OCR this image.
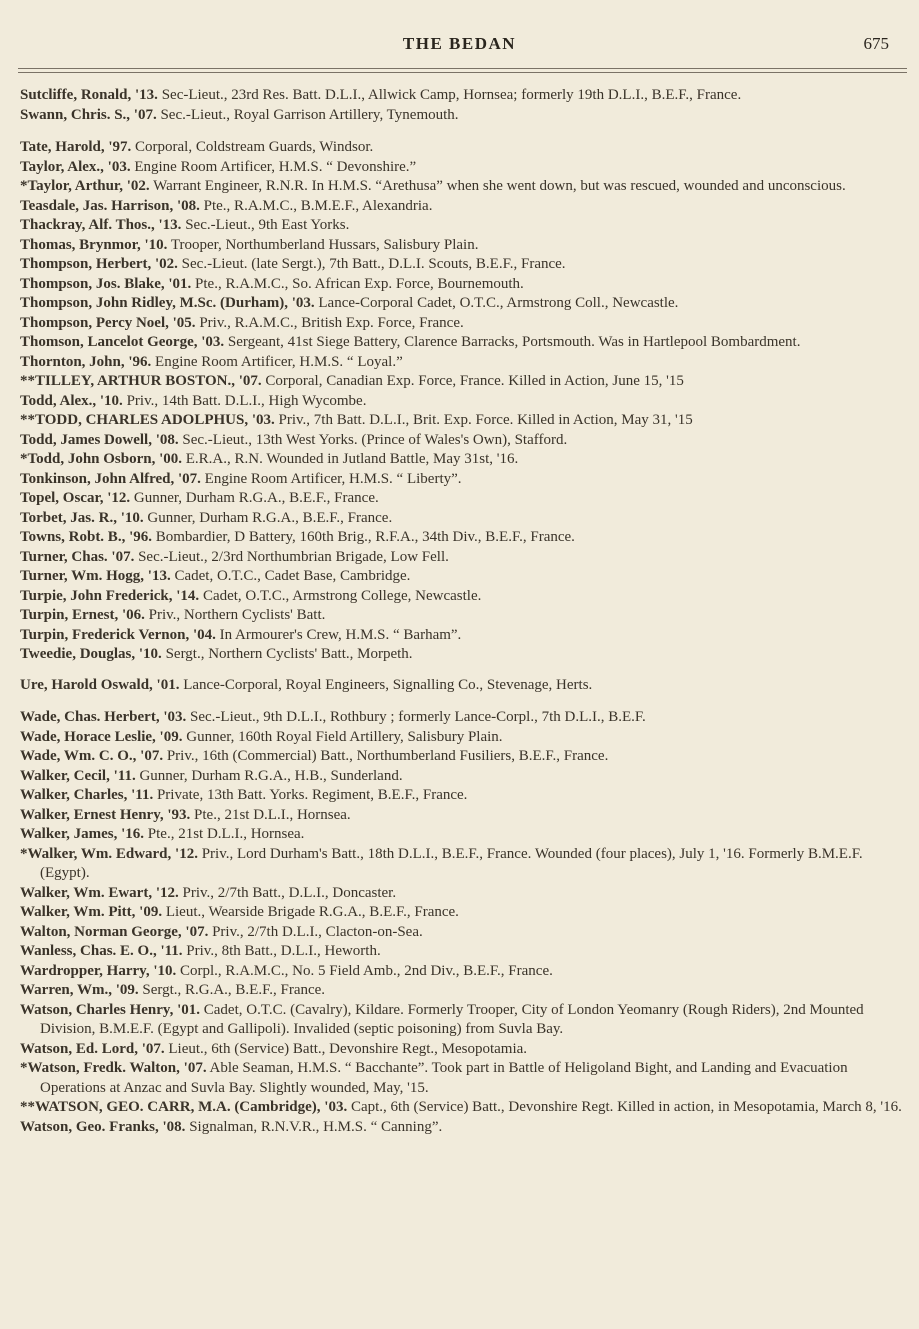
THE BEDAN	675
Sutcliffe, Ronald, '13. Sec-Lieut., 23rd Res. Batt. D.L.I., Allwick Camp, Hornsea; formerly 19th D.L.I., B.E.F., France.
Swann, Chris. S., '07. Sec.-Lieut., Royal Garrison Artillery, Tynemouth.
Tate, Harold, '97. Corporal, Coldstream Guards, Windsor.
Taylor, Alex., '03. Engine Room Artificer, H.M.S. “ Devonshire.”
*Taylor, Arthur, '02. Warrant Engineer, R.N.R. In H.M.S. “Arethusa” when she went down, but was rescued, wounded and unconscious.
Teasdale, Jas. Harrison, '08. Pte., R.A.M.C., B.M.E.F., Alexandria.
Thackray, Alf. Thos., '13. Sec.-Lieut., 9th East Yorks.
Thomas, Brynmor, '10. Trooper, Northumberland Hussars, Salisbury Plain.
Thompson, Herbert, '02. Sec.-Lieut. (late Sergt.), 7th Batt., D.L.I. Scouts, B.E.F., France.
Thompson, Jos. Blake, '01. Pte., R.A.M.C., So. African Exp. Force, Bournemouth.
Thompson, John Ridley, M.Sc. (Durham), '03. Lance-Corporal Cadet, O.T.C., Armstrong Coll., Newcastle.
Thompson, Percy Noel, '05. Priv., R.A.M.C., British Exp. Force, France.
Thomson, Lancelot George, '03. Sergeant, 41st Siege Battery, Clarence Barracks, Portsmouth. Was in Hartlepool Bombardment.
Thornton, John, '96. Engine Room Artificer, H.M.S. “ Loyal.”
**TILLEY, ARTHUR BOSTON., '07. Corporal, Canadian Exp. Force, France. Killed in Action, June 15, '15
Todd, Alex., '10. Priv., 14th Batt. D.L.I., High Wycombe.
**TODD, CHARLES ADOLPHUS, '03. Priv., 7th Batt. D.L.I., Brit. Exp. Force. Killed in Action, May 31, '15
Todd, James Dowell, '08. Sec.-Lieut., 13th West Yorks. (Prince of Wales's Own), Stafford.
*Todd, John Osborn, '00. E.R.A., R.N. Wounded in Jutland Battle, May 31st, '16.
Tonkinson, John Alfred, '07. Engine Room Artificer, H.M.S. “ Liberty”.
Topel, Oscar, '12. Gunner, Durham R.G.A., B.E.F., France.
Torbet, Jas. R., '10. Gunner, Durham R.G.A., B.E.F., France.
Towns, Robt. B., '96. Bombardier, D Battery, 160th Brig., R.F.A., 34th Div., B.E.F., France.
Turner, Chas. '07. Sec.-Lieut., 2/3rd Northumbrian Brigade, Low Fell.
Turner, Wm. Hogg, '13. Cadet, O.T.C., Cadet Base, Cambridge.
Turpie, John Frederick, '14. Cadet, O.T.C., Armstrong College, Newcastle.
Turpin, Ernest, '06. Priv., Northern Cyclists' Batt.
Turpin, Frederick Vernon, '04. In Armourer's Crew, H.M.S. “ Barham”.
Tweedie, Douglas, '10. Sergt., Northern Cyclists' Batt., Morpeth.
Ure, Harold Oswald, '01. Lance-Corporal, Royal Engineers, Signalling Co., Stevenage, Herts.
Wade, Chas. Herbert, '03. Sec.-Lieut., 9th D.L.I., Rothbury ; formerly Lance-Corpl., 7th D.L.I., B.E.F.
Wade, Horace Leslie, '09. Gunner, 160th Royal Field Artillery, Salisbury Plain.
Wade, Wm. C. O., '07. Priv., 16th (Commercial) Batt., Northumberland Fusiliers, B.E.F., France.
Walker, Cecil, '11. Gunner, Durham R.G.A., H.B., Sunderland.
Walker, Charles, '11. Private, 13th Batt. Yorks. Regiment, B.E.F., France.
Walker, Ernest Henry, '93. Pte., 21st D.L.I., Hornsea.
Walker, James, '16. Pte., 21st D.L.I., Hornsea.
*Walker, Wm. Edward, '12. Priv., Lord Durham's Batt., 18th D.L.I., B.E.F., France. Wounded (four places), July 1, '16. Formerly B.M.E.F. (Egypt).
Walker, Wm. Ewart, '12. Priv., 2/7th Batt., D.L.I., Doncaster.
Walker, Wm. Pitt, '09. Lieut., Wearside Brigade R.G.A., B.E.F., France.
Walton, Norman George, '07. Priv., 2/7th D.L.I., Clacton-on-Sea.
Wanless, Chas. E. O., '11. Priv., 8th Batt., D.L.I., Heworth.
Wardropper, Harry, '10. Corpl., R.A.M.C., No. 5 Field Amb., 2nd Div., B.E.F., France.
Warren, Wm., '09. Sergt., R.G.A., B.E.F., France.
Watson, Charles Henry, '01. Cadet, O.T.C. (Cavalry), Kildare. Formerly Trooper, City of London Yeomanry (Rough Riders), 2nd Mounted Division, B.M.E.F. (Egypt and Gallipoli). Invalided (septic poisoning) from Suvla Bay.
Watson, Ed. Lord, '07. Lieut., 6th (Service) Batt., Devonshire Regt., Mesopotamia.
*Watson, Fredk. Walton, '07. Able Seaman, H.M.S. “ Bacchante”. Took part in Battle of Heligoland Bight, and Landing and Evacuation Operations at Anzac and Suvla Bay. Slightly wounded, May, '15.
**WATSON, GEO. CARR, M.A. (Cambridge), '03. Capt., 6th (Service) Batt., Devonshire Regt. Killed in action, in Mesopotamia, March 8, '16.
Watson, Geo. Franks, '08. Signalman, R.N.V.R., H.M.S. “ Canning”.
